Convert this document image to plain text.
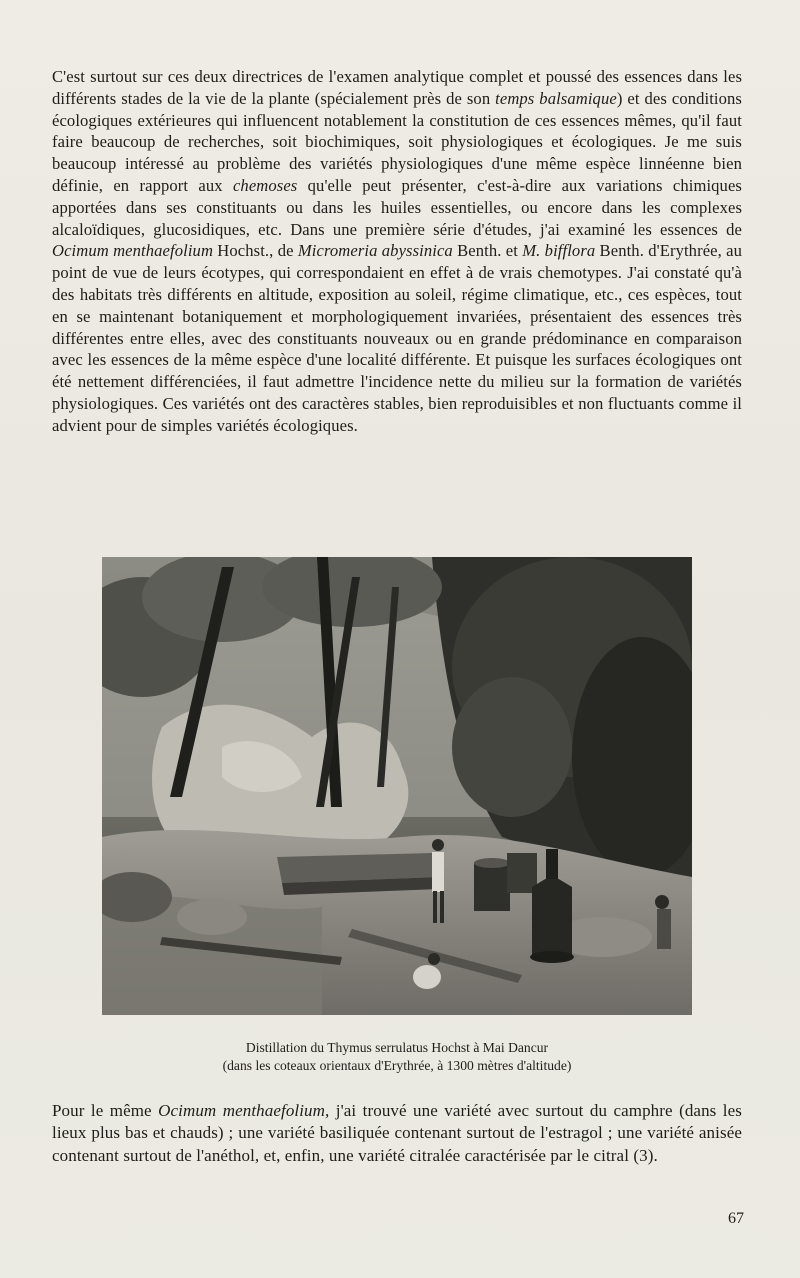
C'est surtout sur ces deux directrices de l'examen analytique complet et poussé des essences dans les différents stades de la vie de la plante (spécialement près de son temps balsamique) et des conditions écologiques extérieures qui influencent notablement la constitution de ces essences mêmes, qu'il faut faire beaucoup de recherches, soit biochimiques, soit physiologiques et écologiques. Je me suis beaucoup intéressé au problème des variétés physiologiques d'une même espèce linnéenne bien définie, en rapport aux chemoses qu'elle peut présenter, c'est-à-dire aux variations chimiques apportées dans ses constituants ou dans les huiles essentielles, ou encore dans les complexes alcaloïdiques, glucosidiques, etc. Dans une première série d'études, j'ai examiné les essences de Ocimum menthaefolium Hochst., de Micromeria abyssinica Benth. et M. bifflora Benth. d'Erythrée, au point de vue de leurs écotypes, qui correspondaient en effet à de vrais chemotypes. J'ai constaté qu'à des habitats très différents en altitude, exposition au soleil, régime climatique, etc., ces espèces, tout en se maintenant botaniquement et morphologiquement invariées, présentaient des essences très différentes entre elles, avec des constituants nouveaux ou en grande prédominance en comparaison avec les essences de la même espèce d'une localité différente. Et puisque les surfaces écologiques ont été nettement différenciées, il faut admettre l'incidence nette du milieu sur la formation de variétés physiologiques. Ces variétés ont des caractères stables, bien reproduisibles et non fluctuants comme il advient pour de simples variétés écologiques.

Distillation du Thymus serrulatus Hochst à Mai Dancur

(dans les coteaux orientaux d'Erythrée, à 1300 mètres d'altitude)

Pour le même Ocimum menthaefolium, j'ai trouvé une variété avec surtout du camphre (dans les lieux plus bas et chauds) ; une variété basiliquée contenant surtout de l'estragol ; une variété anisée contenant surtout de l'anéthol, et, enfin, une variété citralée caractérisée par le citral (3).

67
